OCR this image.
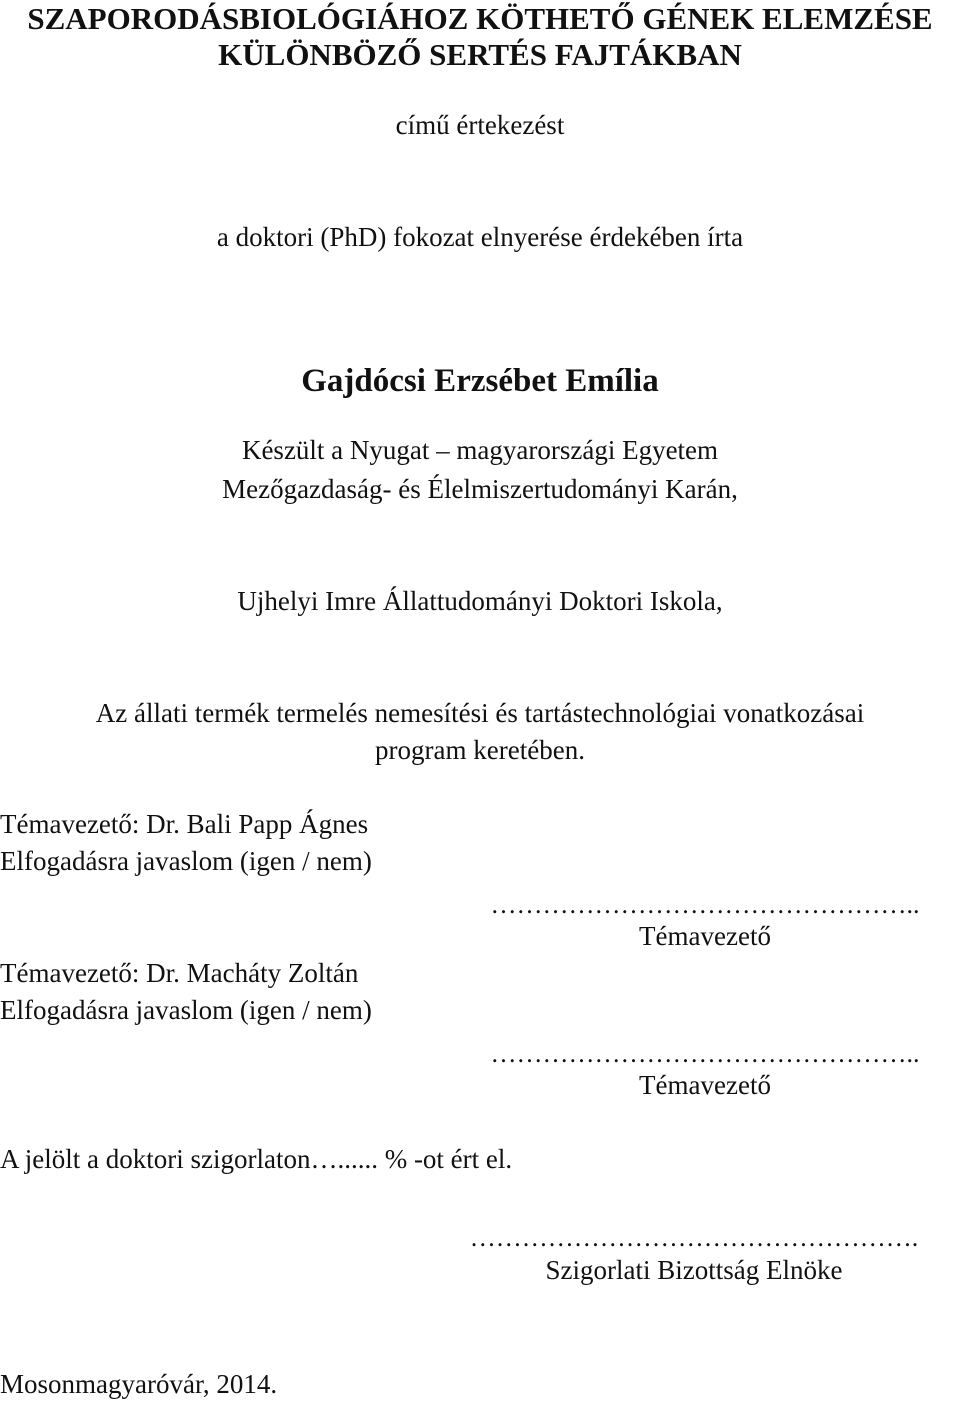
SZAPORODÁSBIOLÓGIÁHOZ KÖTHETŐ GÉNEK ELEMZÉSE
KÜLÖNBÖZŐ SERTÉS FAJTÁKBAN
című értekezést
a doktori (PhD) fokozat elnyerése érdekében írta
Gajdócsi Erzsébet Emília
Készült a Nyugat – magyarországi Egyetem
Mezőgazdaság- és Élelmiszertudományi Karán,
Ujhelyi Imre Állattudományi Doktori Iskola,
Az állati termék termelés nemesítési és tartástechnológiai vonatkozásai
program keretében.
Témavezető: Dr. Bali Papp Ágnes
Elfogadásra javaslom (igen / nem)
…………………………………………..
Témavezető
Témavezető: Dr. Macháty Zoltán
Elfogadásra javaslom (igen / nem)
…………………………………………..
Témavezető
A jelölt a doktori szigorlaton…...... % -ot ért el.
…………………………………………….
Szigorlati Bizottság Elnöke
Mosonmagyaróvár, 2014.
